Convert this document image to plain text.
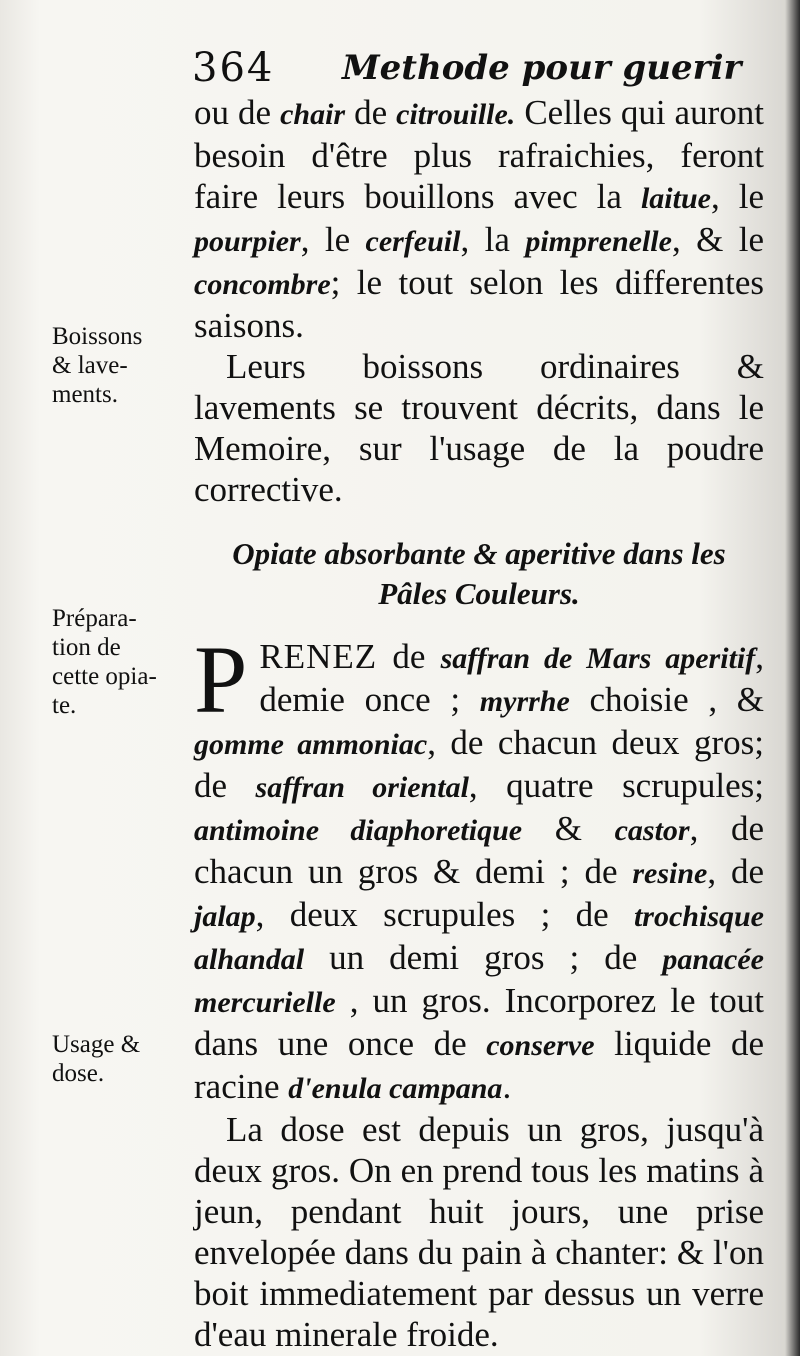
364 Methode pour guerir
Boissons
& lave-
ments.
Prépara-
tion de
cette opia-
te.
Usage &
dose.

ou de chair de citrouille. Celles qui auront besoin d'être plus rafraichies, feront faire leurs bouillons avec la laitue, le pourpier, le cerfeuil, la pimprenelle, & le concombre; le tout selon les differentes saisons.

Leurs boissons ordinaires & lavements se trouvent décrits, dans le Memoire, sur l'usage de la poudre corrective.

Opiate absorbante & aperitive dans les
Pâles Couleurs.

PRENEZ de saffran de Mars aperitif, demie once ; myrrhe choisie , & gomme ammoniac, de chacun deux gros; de saffran oriental, quatre scrupules; antimoine diaphoretique & castor, de chacun un gros & demi ; de resine, de jalap, deux scrupules ; de trochisque alhandal un demi gros ; de panacée mercurielle , un gros. Incorporez le tout dans une once de conserve liquide de racine d'enula campana.

La dose est depuis un gros, jusqu'à deux gros. On en prend tous les matins à jeun, pendant huit jours, une prise envelopée dans du pain à chanter: & l'on boit immediatement par dessus un verre d'eau minerale froide.
